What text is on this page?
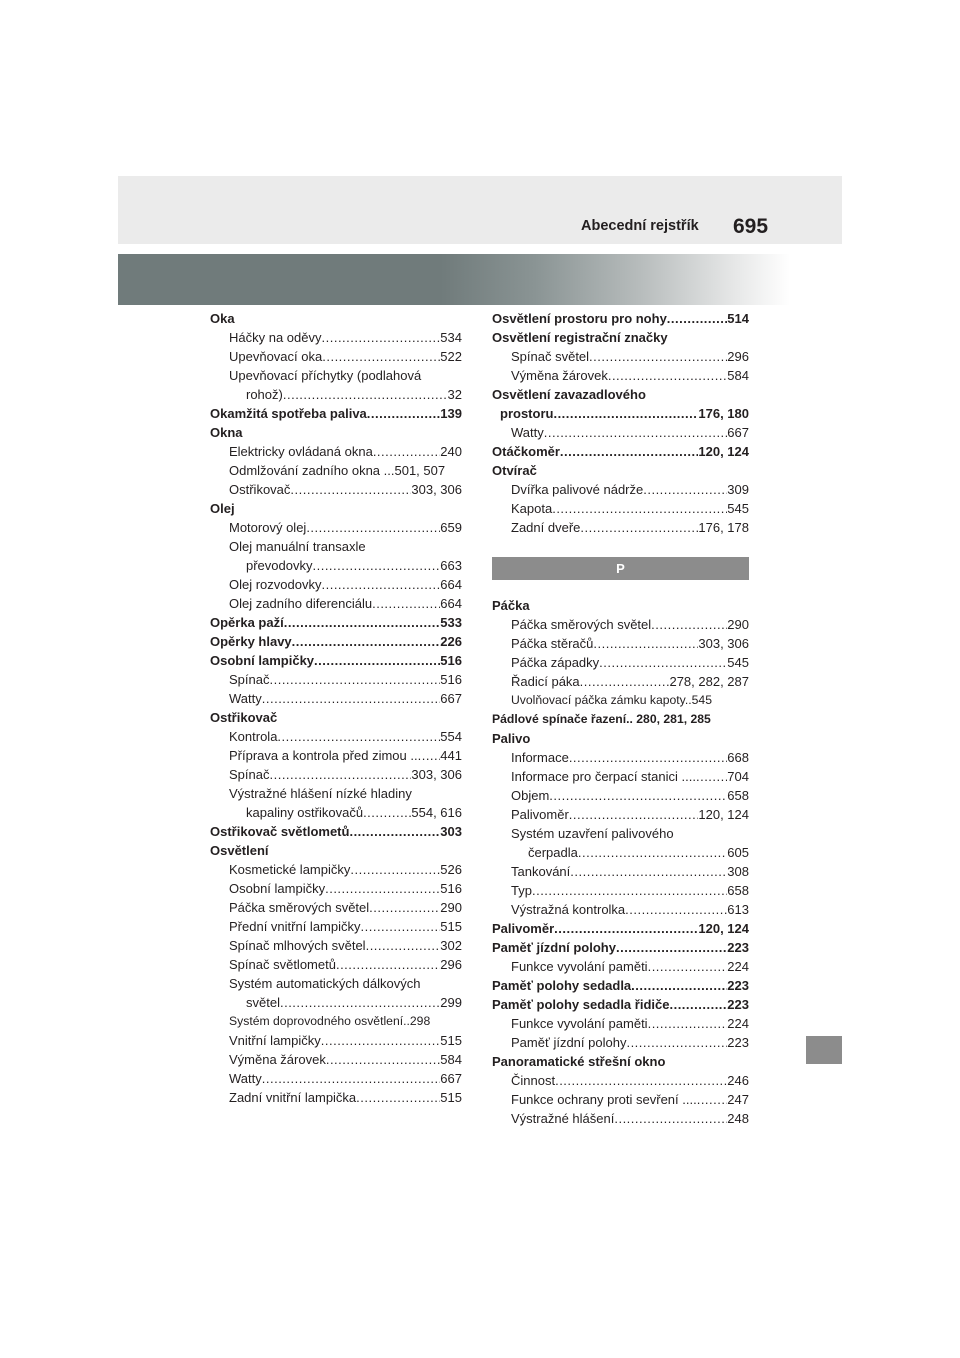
Abecední rejstřík 695
Oka
Háčky na oděvy .....	534
Upevňovací oka .....	522
Upevňovací příchytky (podlahová
rohož) .....	32
Okamžitá spotřeba paliva .....	139
Okna
Elektricky ovládaná okna .....	240
Odmlžování zadního okna ...501, 507
Ostřikovač .....	303, 306
Olej
Motorový olej .....	659
Olej manuální transaxle
převodovky .....	663
Olej rozvodovky .....	664
Olej zadního diferenciálu .....	664
Opěrka paží .....	533
Opěrky hlavy .....	226
Osobní lampičky .....	516
Spínač .....	516
Watty .....	667
Ostřikovač
Kontrola .....	554
Příprava a kontrola před zimou .. ..... 441
Spínač .....	303, 306
Výstražné hlášení nízké hladiny
kapaliny ostřikovačů .....	554, 616
Ostřikovač světlometů .....	303
Osvětlení
Kosmetické lampičky .....	526
Osobní lampičky .....	516
Páčka směrových světel .....	290
Přední vnitřní lampičky .....	515
Spínač mlhových světel .....	302
Spínač světlometů .....	296
Systém automatických dálkových
světel .....	299
Systém doprovodného osvětlení..298
Vnitřní lampičky .....	515
Výměna žárovek .....	584
Watty .....	667
Zadní vnitřní lampička .....	515
Osvětlení prostoru pro nohy .....	514
Osvětlení registrační značky
Spínač světel .....	296
Výměna žárovek .....	584
Osvětlení zavazadlového
prostoru .....	176, 180
Watty .....	667
Otáčkoměr .....	120, 124
Otvírač
Dvířka palivové nádrže .....	309
Kapota .....	545
Zadní dveře .....	176, 178
P
Páčka
Páčka směrových světel .....	290
Páčka stěračů .....	303, 306
Páčka západky .....	545
Řadicí páka .....	278, 282, 287
Uvolňovací páčka zámku kapoty..545
Pádlové spínače řazení.. 280, 281, 285
Palivo
Informace .....	668
Informace pro čerpací stanici .... ..... 704
Objem .....	658
Palivoměr .....	120, 124
Systém uzavření palivového
čerpadla .....	605
Tankování .....	308
Typ .....	658
Výstražná kontrolka .....	613
Palivoměr .....	120, 124
Paměť jízdní polohy .....	223
Funkce vyvolání paměti .....	224
Paměť polohy sedadla .....	223
Paměť polohy sedadla řidiče .....	223
Funkce vyvolání paměti .....	224
Paměť jízdní polohy .....	223
Panoramatické střešní okno
Činnost .....	246
Funkce ochrany proti sevření .... ..... 247
Výstražné hlášení .....	248
